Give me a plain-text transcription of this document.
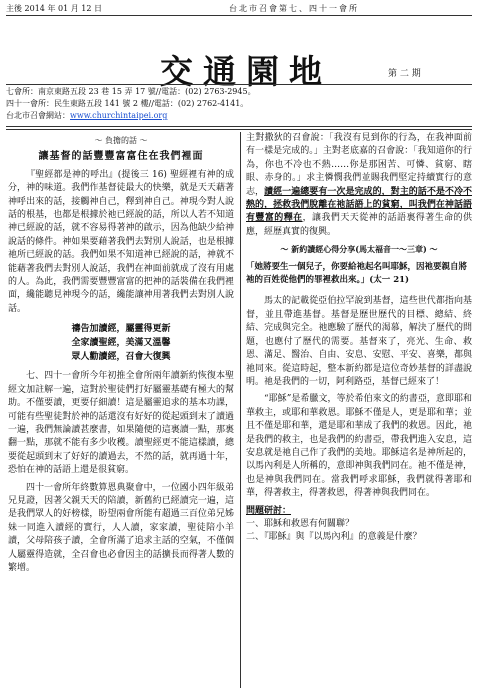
主後 2014 年 01 月 12 日	台北市召會第七、四十一會所
交通園地	第 二 期
七會所：南京東路五段 23 巷 15 弄 17 號//電話：(02) 2763-2945。
四十一會所：民生東路五段 141 號 2 樓//電話：(02) 2762-4141。
台北市召會網站：www.churchintaipei.org
～ 負擔的話 ～
讓基督的話豐豐富富住在我們裡面

『聖經都是神的呼出』(提後三 16) 聖經裡有神的成分，神的味道。我們作基督徒最大的快樂，就是天天藉著神呼出來的話，接觸神自己，釋到神自己。神現今對人說話的根基，也都是根據於祂已經說的話，所以人若不知道神已經說的話，就不容易得著神的啟示，因為他缺少給神說話的條件。神如果要藉著我們去對別人說話，也是根據祂所已經說的話。我們如果不知道神已經說的話，神就不能藉著我們去對別人說話，我們在神面前就成了沒有用處的人。為此，我們需要豐豐富富的把神的話裝備在我們裡面，纔能聽見神現今的話，纔能讓神用著我們去對別人說話。

禱告加讀經，屬靈得更新
全家讀聖經，美滿又溫馨
眾人勸讀經，召會大復興

七、四十一會所今年初推全會所兩年讀新約恢復本聖經文加註解一遍，這對於聖徒們打好屬靈基礎有極大的幫助。不僅要讀，更要仔細讀！這是屬靈追求的基本功課，可能有些聖徒對於神的話還沒有好好的從起頭到末了讀過一遍，我們無論讀甚麼書，如果隨便的這裏讀一點，那裏翻一點，那就不能有多少收穫。讀聖經更不能這樣讀，總要從起頭到末了好好的讀過去，不然的話，就再過十年，恐怕在神的話語上還是很貧窮。

四十一會所年終數算恩典聚會中，一位國小四年級弟兄見證，因著父親天天的陪讀，新舊約已經讀完一遍，這是我們眾人的好榜樣，盼望兩會所能有超過三百位弟兄姊妹一同進入讀經的實行，人人讀，家家讀，聖徒陪小羊讀，父母陪孩子讀，全會所滿了追求主話的空氣，不僅個人屬靈得造就，全召會也必會因主的話擴長而得著人數的繁增。

主對撒狄的召會說：「我沒有見到你的行為，在我神面前有一樣是完成的。」主對老底嘉的召會說：「我知道你的行為，你也不冷也不熱……你是那困苦、可憐、貧窮、瞎眼、赤身的。」求主憐憫我們並賜我們堅定持續實行的意志，讀經一遍總要有一次是完成的，對主的話不是不冷不熱的，拯救我們脫離在祂話語上的貧窮，叫我們在神話語有豐富的釋在，讓我們天天從神的話語裏得著生命的供應，經歷真實的復興。

～ 新約讀經心得分享(馬太福音一～三章) ～
「她將要生一個兒子，你要給祂起名叫耶穌，因祂要親自將祂的百姓從他們的罪裡救出來。」(太一 21)

馬太的記載從亞伯拉罕說到基督，這些世代都指向基督，並且帶進基督。基督是歷世歷代的目標、總結、終結、完成與完全。祂應驗了歷代的渴慕，解決了歷代的問題，也應付了歷代的需要。基督來了，亮光、生命、救恩、滿足、醫治、自由、安息、安慰、平安、喜樂，都與祂同來。從這時起，整本新約都是這位奇妙基督的詳盡說明。祂是我們的一切，阿利路亞，基督已經來了！

“耶穌”是希臘文，等於希伯來文的約書亞，意即耶和華救主，或耶和華救恩。耶穌不僅是人，更是耶和華；並且不僅是耶和華，還是耶和華成了我們的救恩。因此，祂是我們的救主，也是我們的約書亞，帶我們進入安息，這安息就是祂自己作了我們的美地。耶穌這名是神所起的，以馬內利是人所稱的，意即神與我們同在。祂不僅是神，也是神與我們同在。當我們呼求耶穌，我們就得著耶和華，得著救主，得著救恩，得著神與我們同在。

問題研討：

一、耶穌和救恩有何關聯？

二、『耶穌』與『以馬內利』的意義是什麼？
